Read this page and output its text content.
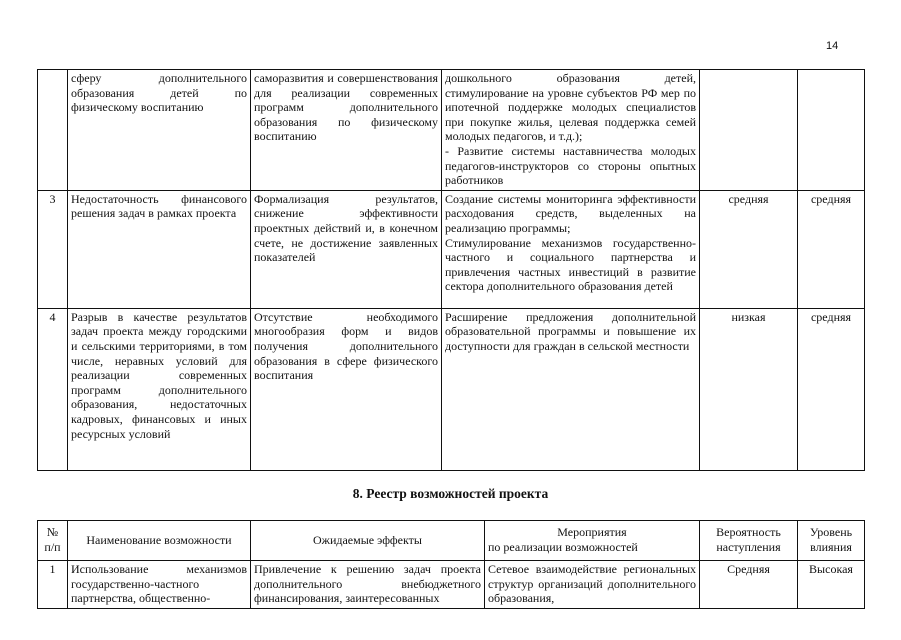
14
	сферу дополнительного образования детей по физическому воспитанию	саморазвития и совершенствования для реализации современных программ дополнительного образования по физическому воспитанию	дошкольного образования детей, стимулирование на уровне субъектов РФ мер по ипотечной поддержке молодых специалистов при покупке жилья, целевая поддержка семей молодых педагогов, и т.д.);
- Развитие системы наставничества молодых педагогов-инструкторов со стороны опытных работников		
3	Недостаточность финансового решения задач в рамках проекта	Формализация результатов, снижение эффективности проектных действий и, в конечном счете, не достижение заявленных показателей	Создание системы мониторинга эффективности расходования средств, выделенных на реализацию программы;
Стимулирование механизмов государственно-частного и социального партнерства и привлечения частных инвестиций в развитие сектора дополнительного образования детей	средняя	средняя
4	Разрыв в качестве результатов задач проекта между городскими и сельскими территориями, в том числе, неравных условий для реализации современных программ дополнительного образования, недостаточных кадровых, финансовых и иных ресурсных условий	Отсутствие необходимого многообразия форм и видов получения дополнительного образования в сфере физического воспитания	Расширение предложения дополнительной образовательной программы и повышение их доступности для граждан в сельской местности	низкая	средняя
8. Реестр возможностей проекта
№ п/п	Наименование возможности	Ожидаемые эффекты	Мероприятия
по реализации возможностей	Вероятность наступления	Уровень влияния
1	Использование механизмов государственно-частного партнерства, общественно-	Привлечение к решению задач проекта дополнительного внебюджетного финансирования, заинтересованных	Сетевое взаимодействие региональных структур организаций дополнительного образования,	Средняя	Высокая
